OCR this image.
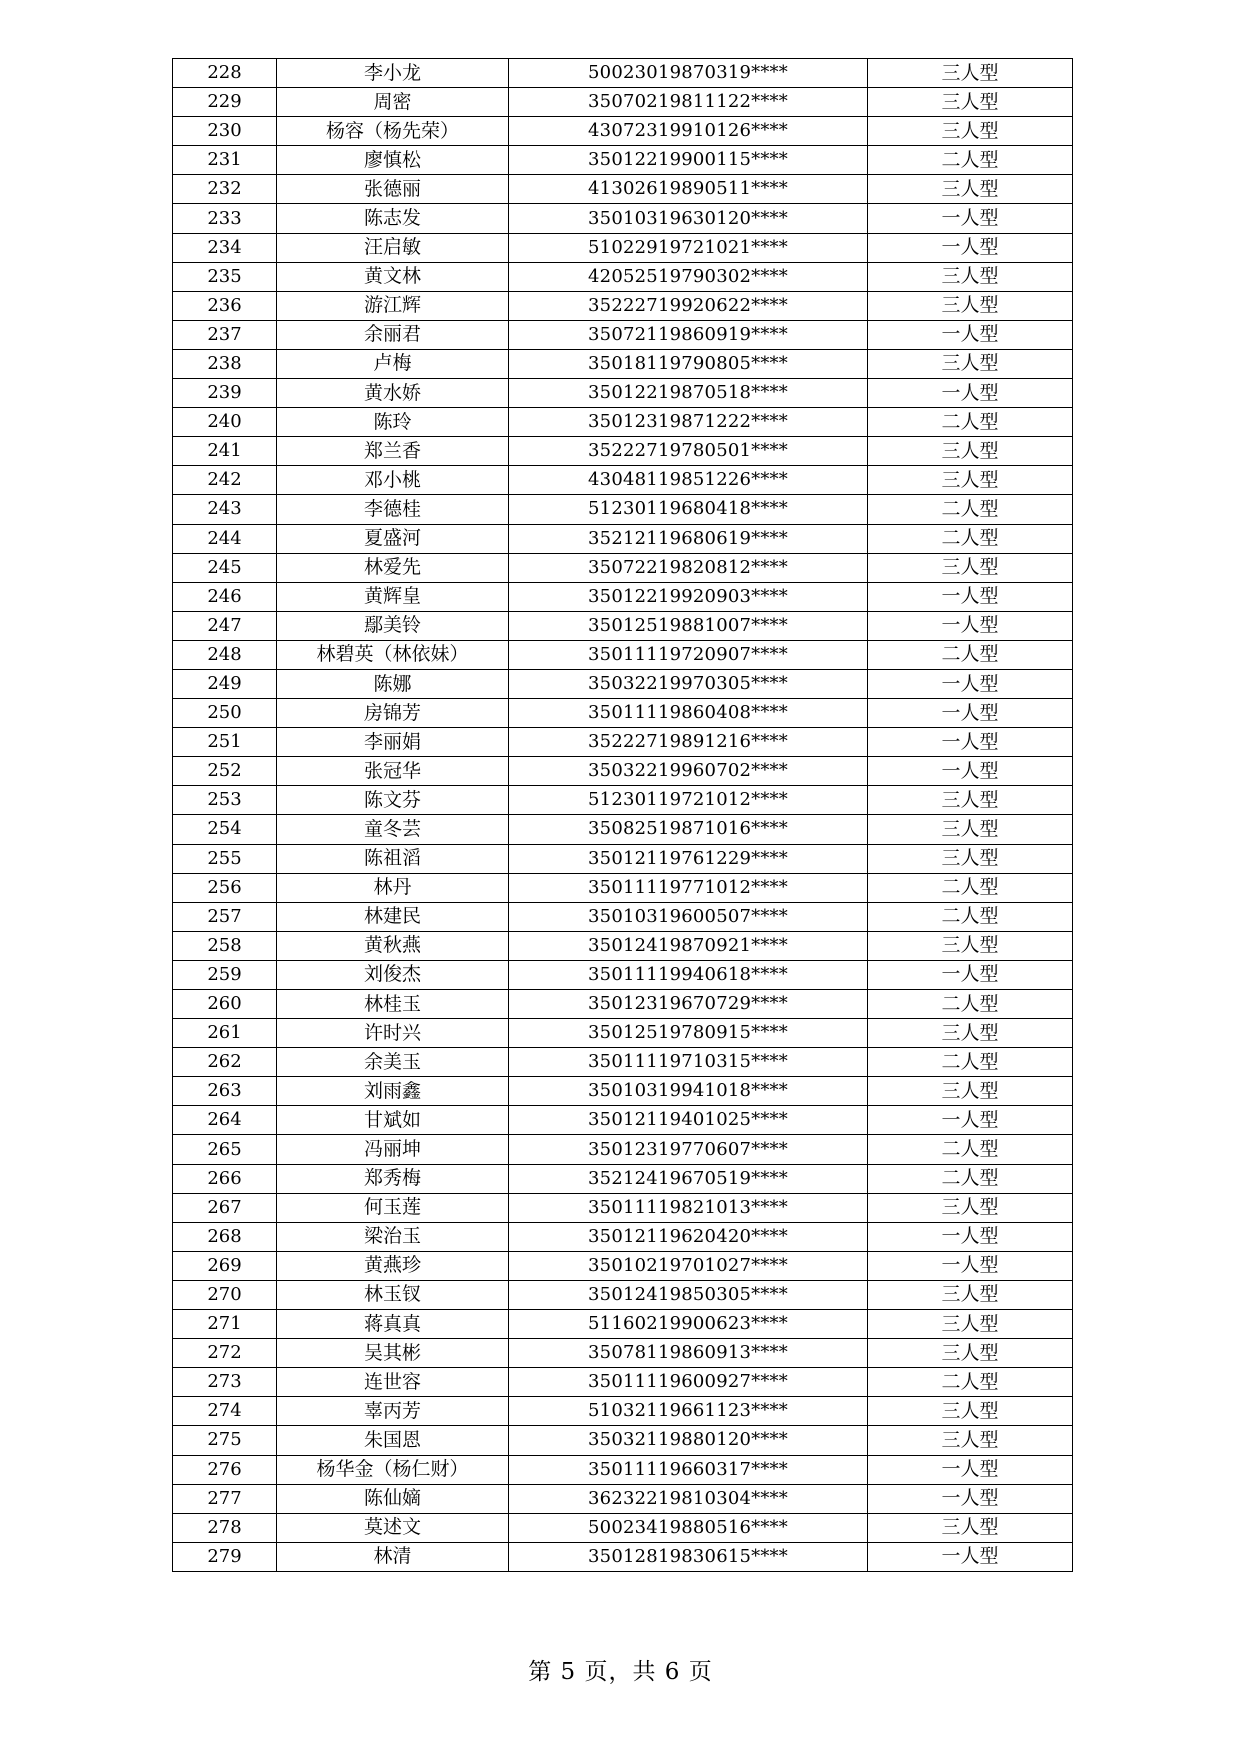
228	李小龙	50023019870319****	三人型
229	周密	35070219811122****	三人型
230	杨容（杨先荣）	43072319910126****	三人型
231	廖慎松	35012219900115****	二人型
232	张德丽	41302619890511****	三人型
233	陈志发	35010319630120****	一人型
234	汪启敏	51022919721021****	一人型
235	黄文林	42052519790302****	三人型
236	游江辉	35222719920622****	三人型
237	余丽君	35072119860919****	一人型
238	卢梅	35018119790805****	三人型
239	黄水娇	35012219870518****	一人型
240	陈玲	35012319871222****	二人型
241	郑兰香	35222719780501****	三人型
242	邓小桃	43048119851226****	三人型
243	李德桂	51230119680418****	二人型
244	夏盛河	35212119680619****	二人型
245	林爱先	35072219820812****	三人型
246	黄辉皇	35012219920903****	一人型
247	鄢美铃	35012519881007****	一人型
248	林碧英（林依妹）	35011119720907****	二人型
249	陈娜	35032219970305****	一人型
250	房锦芳	35011119860408****	一人型
251	李丽娟	35222719891216****	一人型
252	张冠华	35032219960702****	一人型
253	陈文芬	51230119721012****	三人型
254	童冬芸	35082519871016****	三人型
255	陈祖滔	35012119761229****	三人型
256	林丹	35011119771012****	二人型
257	林建民	35010319600507****	二人型
258	黄秋燕	35012419870921****	三人型
259	刘俊杰	35011119940618****	一人型
260	林桂玉	35012319670729****	二人型
261	许时兴	35012519780915****	三人型
262	余美玉	35011119710315****	二人型
263	刘雨鑫	35010319941018****	三人型
264	甘斌如	35012119401025****	一人型
265	冯丽坤	35012319770607****	二人型
266	郑秀梅	35212419670519****	二人型
267	何玉莲	35011119821013****	三人型
268	梁治玉	35012119620420****	一人型
269	黄燕珍	35010219701027****	一人型
270	林玉钗	35012419850305****	三人型
271	蒋真真	51160219900623****	三人型
272	吴其彬	35078119860913****	三人型
273	连世容	35011119600927****	二人型
274	辜丙芳	51032119661123****	三人型
275	朱国恩	35032119880120****	三人型
276	杨华金（杨仁财）	35011119660317****	一人型
277	陈仙嫡	36232219810304****	一人型
278	莫述文	50023419880516****	三人型
279	林清	35012819830615****	一人型
第 5 页，共 6 页
